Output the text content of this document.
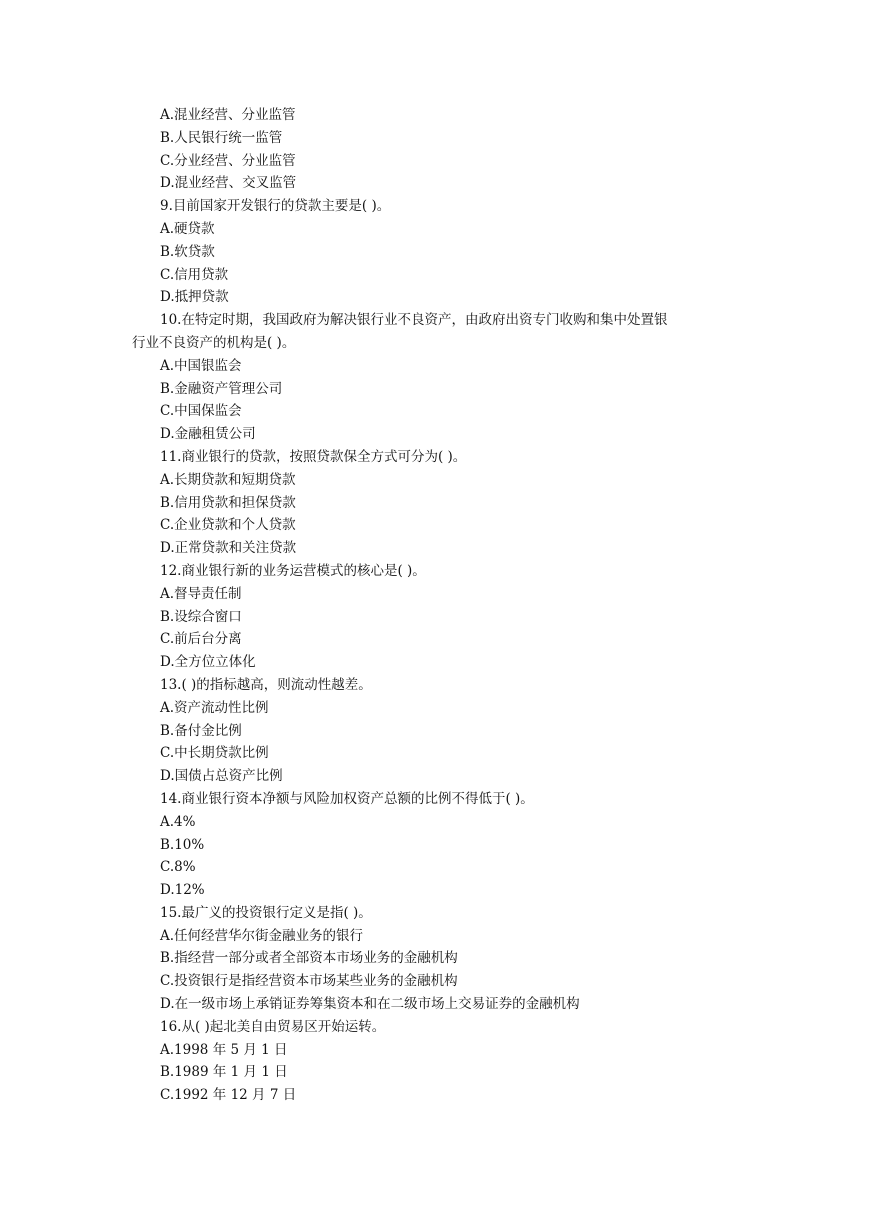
A.混业经营、分业监管
B.人民银行统一监管
C.分业经营、分业监管
D.混业经营、交叉监管
9.目前国家开发银行的贷款主要是( )。
A.硬贷款
B.软贷款
C.信用贷款
D.抵押贷款
10.在特定时期，我国政府为解决银行业不良资产，由政府出资专门收购和集中处置银
行业不良资产的机构是( )。
A.中国银监会
B.金融资产管理公司
C.中国保监会
D.金融租赁公司
11.商业银行的贷款，按照贷款保全方式可分为( )。
A.长期贷款和短期贷款
B.信用贷款和担保贷款
C.企业贷款和个人贷款
D.正常贷款和关注贷款
12.商业银行新的业务运营模式的核心是( )。
A.督导责任制
B.设综合窗口
C.前后台分离
D.全方位立体化
13.( )的指标越高，则流动性越差。
A.资产流动性比例
B.备付金比例
C.中长期贷款比例
D.国债占总资产比例
14.商业银行资本净额与风险加权资产总额的比例不得低于( )。
A.4%
B.10%
C.8%
D.12%
15.最广义的投资银行定义是指( )。
A.任何经营华尔街金融业务的银行
B.指经营一部分或者全部资本市场业务的金融机构
C.投资银行是指经营资本市场某些业务的金融机构
D.在一级市场上承销证券筹集资本和在二级市场上交易证券的金融机构
16.从( )起北美自由贸易区开始运转。
A.1998 年 5 月 1 日
B.1989 年 1 月 1 日
C.1992 年 12 月 7 日
